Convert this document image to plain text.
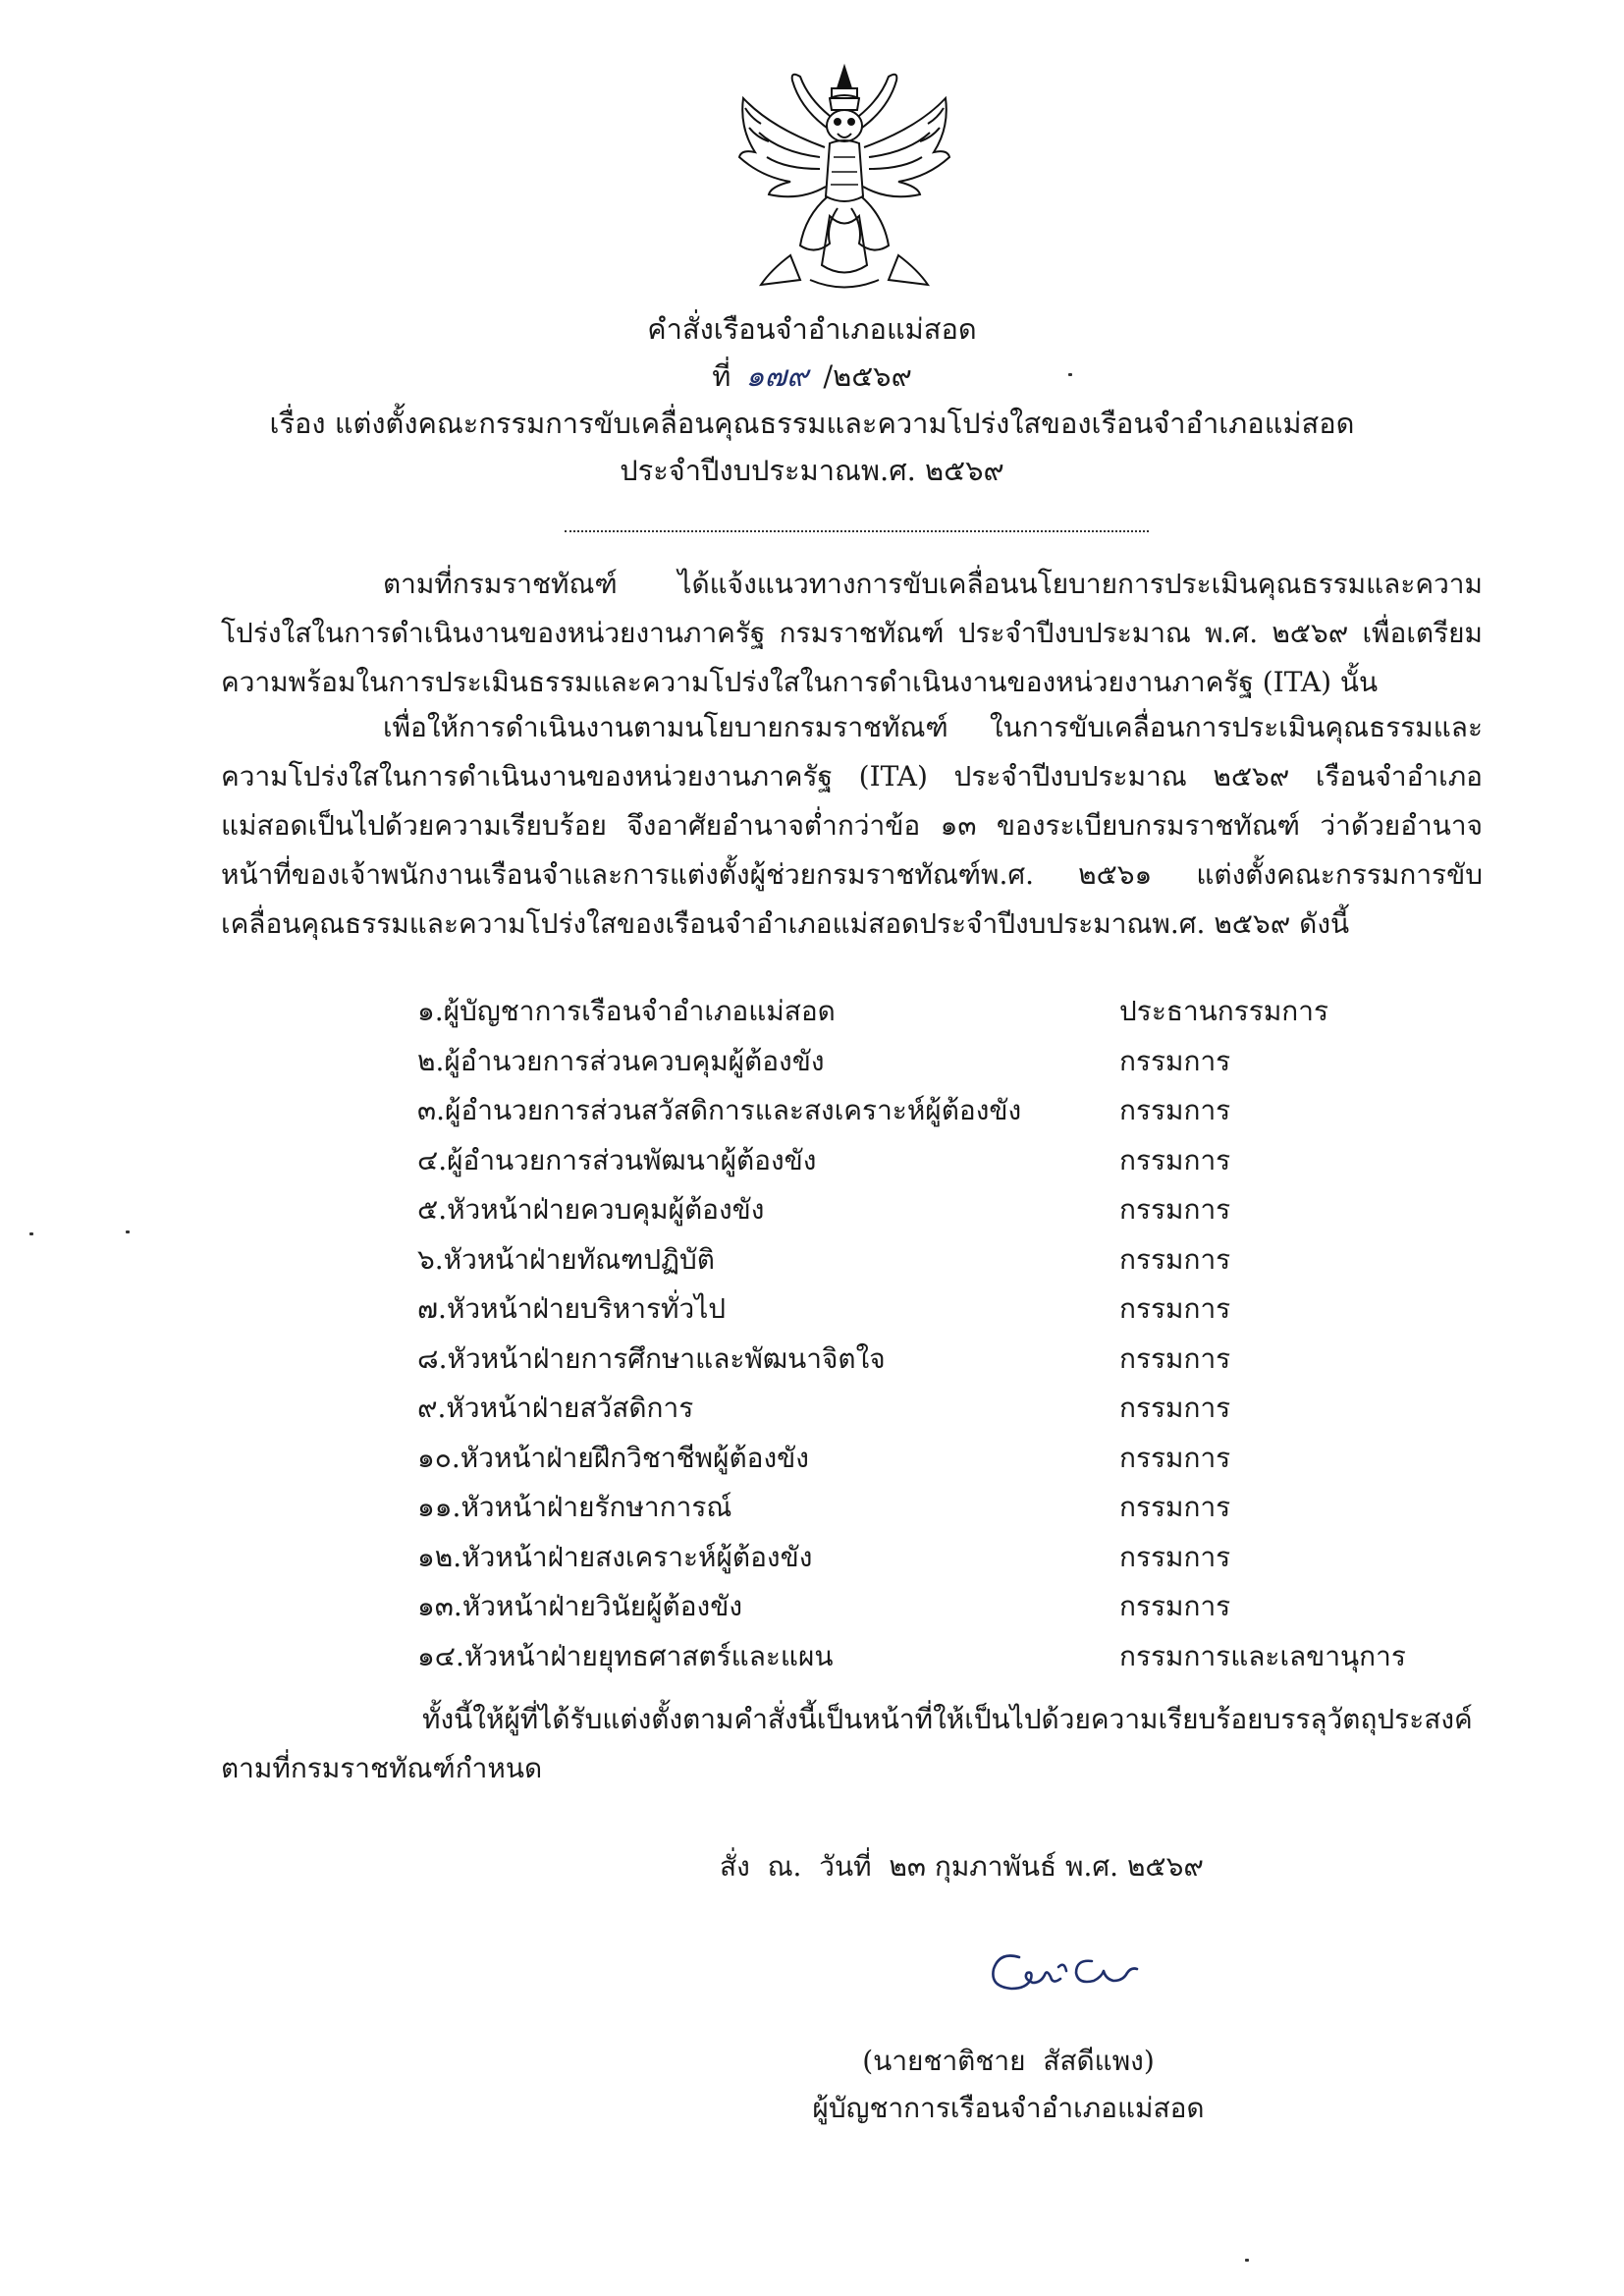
คำสั่งเรือนจำอำเภอแม่สอด
ที่ ๑๗๙ /๒๕๖๙
เรื่อง แต่งตั้งคณะกรรมการขับเคลื่อนคุณธรรมและความโปร่งใสของเรือนจำอำเภอแม่สอด
ประจำปีงบประมาณพ.ศ. ๒๕๖๙
ตามที่กรมราชทัณฑ์ ได้แจ้งแนวทางการขับเคลื่อนนโยบายการประเมินคุณธรรมและความโปร่งใสในการดำเนินงานของหน่วยงานภาครัฐ กรมราชทัณฑ์ ประจำปีงบประมาณ พ.ศ. ๒๕๖๙ เพื่อเตรียมความพร้อมในการประเมินธรรมและความโปร่งใสในการดำเนินงานของหน่วยงานภาครัฐ (ITA) นั้น
เพื่อให้การดำเนินงานตามนโยบายกรมราชทัณฑ์ ในการขับเคลื่อนการประเมินคุณธรรมและความโปร่งใสในการดำเนินงานของหน่วยงานภาครัฐ (ITA) ประจำปีงบประมาณ ๒๕๖๙ เรือนจำอำเภอแม่สอดเป็นไปด้วยความเรียบร้อย จึงอาศัยอำนาจต่ำกว่าข้อ ๑๓ ของระเบียบกรมราชทัณฑ์ ว่าด้วยอำนาจหน้าที่ของเจ้าพนักงานเรือนจำและการแต่งตั้งผู้ช่วยกรมราชทัณฑ์พ.ศ. ๒๕๖๑ แต่งตั้งคณะกรรมการขับเคลื่อนคุณธรรมและความโปร่งใสของเรือนจำอำเภอแม่สอดประจำปีงบประมาณพ.ศ. ๒๕๖๙ ดังนี้
๑.ผู้บัญชาการเรือนจำอำเภอแม่สอด	ประธานกรรมการ
๒.ผู้อำนวยการส่วนควบคุมผู้ต้องขัง	กรรมการ
๓.ผู้อำนวยการส่วนสวัสดิการและสงเคราะห์ผู้ต้องขัง	กรรมการ
๔.ผู้อำนวยการส่วนพัฒนาผู้ต้องขัง	กรรมการ
๕.หัวหน้าฝ่ายควบคุมผู้ต้องขัง	กรรมการ
๖.หัวหน้าฝ่ายทัณฑปฏิบัติ	กรรมการ
๗.หัวหน้าฝ่ายบริหารทั่วไป	กรรมการ
๘.หัวหน้าฝ่ายการศึกษาและพัฒนาจิตใจ	กรรมการ
๙.หัวหน้าฝ่ายสวัสดิการ	กรรมการ
๑๐.หัวหน้าฝ่ายฝึกวิชาชีพผู้ต้องขัง	กรรมการ
๑๑.หัวหน้าฝ่ายรักษาการณ์	กรรมการ
๑๒.หัวหน้าฝ่ายสงเคราะห์ผู้ต้องขัง	กรรมการ
๑๓.หัวหน้าฝ่ายวินัยผู้ต้องขัง	กรรมการ
๑๔.หัวหน้าฝ่ายยุทธศาสตร์และแผน	กรรมการและเลขานุการ
ทั้งนี้ให้ผู้ที่ได้รับแต่งตั้งตามคำสั่งนี้เป็นหน้าที่ให้เป็นไปด้วยความเรียบร้อยบรรลุวัตถุประสงค์ตามที่กรมราชทัณฑ์กำหนด
สั่ง  ณ.  วันที่  ๒๓ กุมภาพันธ์ พ.ศ. ๒๕๖๙
(นายชาติชาย  สัสดีแพง)
ผู้บัญชาการเรือนจำอำเภอแม่สอด
